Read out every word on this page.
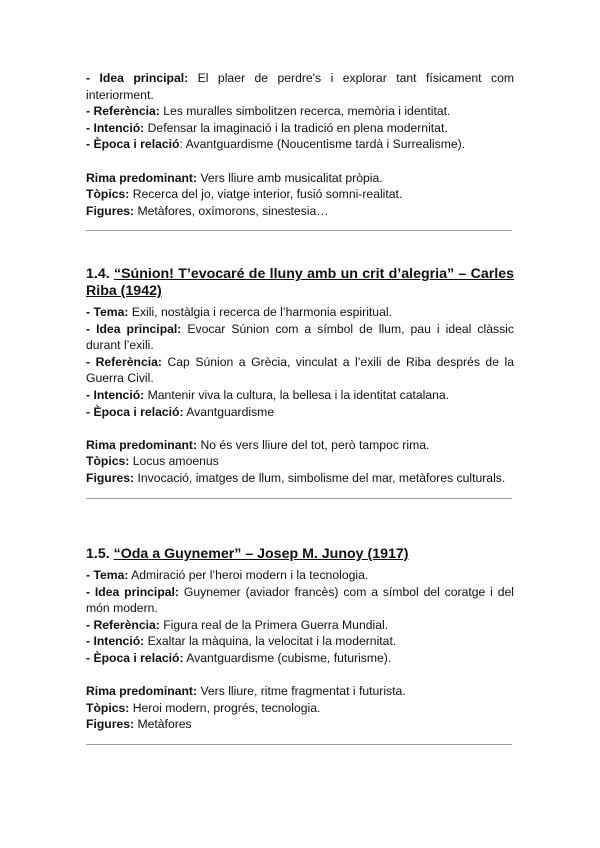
- Idea principal: El plaer de perdre's i explorar tant físicament com interiorment.

- Referència: Les muralles simbolitzen recerca, memòria i identitat.

- Intenció: Defensar la imaginació i la tradició en plena modernitat.

- Època i relació: Avantguardisme (Noucentisme tardà i Surrealisme).

Rima predominant: Vers lliure amb musicalitat pròpia.

Tòpics: Recerca del jo, viatge interior, fusió somni-realitat.

Figures: Metàfores, oxímorons, sinestesia…

1.4. “Súnion! T’evocaré de lluny amb un crit d’alegria” – Carles Riba (1942)

- Tema: Exili, nostàlgia i recerca de l’harmonia espiritual.

- Idea principal: Evocar Súnion com a símbol de llum, pau i ideal clàssic durant l’exili.

- Referència: Cap Súnion a Grècia, vinculat a l’exili de Riba després de la Guerra Civil.

- Intenció: Mantenir viva la cultura, la bellesa i la identitat catalana.

- Època i relació: Avantguardisme

Rima predominant: No és vers lliure del tot, però tampoc rima.

Tòpics: Locus amoenus

Figures: Invocació, imatges de llum, simbolisme del mar, metàfores culturals.

1.5. “Oda a Guynemer” – Josep M. Junoy (1917)

- Tema: Admiració per l’heroi modern i la tecnologia.

- Idea principal: Guynemer (aviador francès) com a símbol del coratge i del món modern.

- Referència: Figura real de la Primera Guerra Mundial.

- Intenció: Exaltar la màquina, la velocitat i la modernitat.

- Època i relació: Avantguardisme (cubisme, futurisme).

Rima predominant: Vers lliure, ritme fragmentat i futurista.

Tòpics: Heroi modern, progrés, tecnologia.

Figures: Metàfores
